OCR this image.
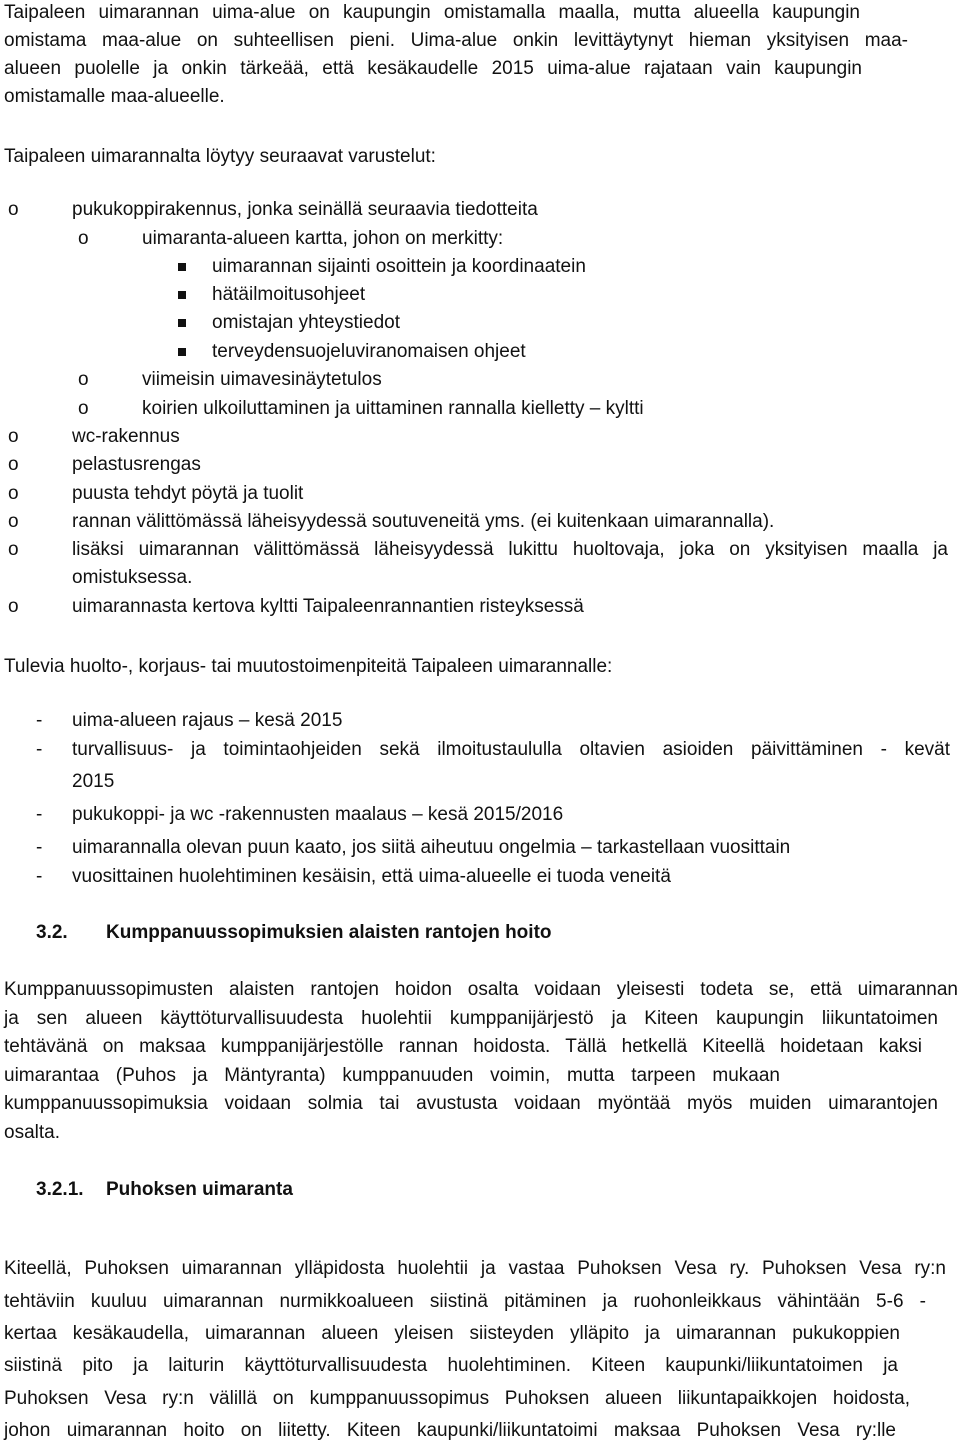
Taipaleen uimarannan uima-alue on kaupungin omistamalla maalla, mutta alueella kaupungin
omistama maa-alue on suhteellisen pieni. Uima-alue onkin levittäytynyt hieman yksityisen maa-
alueen puolelle ja onkin tärkeää, että kesäkaudelle 2015 uima-alue rajataan vain kaupungin
omistamalle maa-alueelle.
Taipaleen uimarannalta löytyy seuraavat varustelut:
o	pukukoppirakennus, jonka seinällä seuraavia tiedotteita
o	uimaranta-alueen kartta, johon on merkitty:
uimarannan sijainti osoittein ja koordinaatein
hätäilmoitusohjeet
omistajan yhteystiedot
terveydensuojeluviranomaisen ohjeet
o	viimeisin uimavesinäytetulos
o	koirien ulkoiluttaminen ja uittaminen rannalla kielletty – kyltti
o	wc-rakennus
o	pelastusrengas
o	puusta tehdyt pöytä ja tuolit
o	rannan välittömässä läheisyydessä soutuveneitä yms. (ei kuitenkaan uimarannalla).
o	lisäksi uimarannan välittömässä läheisyydessä lukittu huoltovaja, joka on yksityisen maalla ja
omistuksessa.
o	uimarannasta kertova kyltti Taipaleenrannantien risteyksessä
Tulevia huolto-, korjaus- tai muutostoimenpiteitä Taipaleen uimarannalle:
- uima-alueen rajaus – kesä 2015
- turvallisuus- ja toimintaohjeiden sekä ilmoitustaululla oltavien asioiden päivittäminen - kevät
2015
- pukukoppi- ja wc -rakennusten maalaus – kesä 2015/2016
- uimarannalla olevan puun kaato, jos siitä aiheutuu ongelmia – tarkastellaan vuosittain
- vuosittainen huolehtiminen kesäisin, että uima-alueelle ei tuoda veneitä
3.2. Kumppanuussopimuksien alaisten rantojen hoito
Kumppanuussopimusten alaisten rantojen hoidon osalta voidaan yleisesti todeta se, että uimarannan
ja sen alueen käyttöturvallisuudesta huolehtii kumppanijärjestö ja Kiteen kaupungin liikuntatoimen
tehtävänä on maksaa kumppanijärjestölle rannan hoidosta. Tällä hetkellä Kiteellä hoidetaan kaksi
uimarantaa (Puhos ja Mäntyranta) kumppanuuden voimin, mutta tarpeen mukaan
kumppanuussopimuksia voidaan solmia tai avustusta voidaan myöntää myös muiden uimarantojen
osalta.
3.2.1. Puhoksen uimaranta
Kiteellä, Puhoksen uimarannan ylläpidosta huolehtii ja vastaa Puhoksen Vesa ry. Puhoksen Vesa ry:n
tehtäviin kuuluu uimarannan nurmikkoalueen siistinä pitäminen ja ruohonleikkaus vähintään 5-6 -
kertaa kesäkaudella, uimarannan alueen yleisen siisteyden ylläpito ja uimarannan pukukoppien
siistinä pito ja laiturin käyttöturvallisuudesta huolehtiminen. Kiteen kaupunki/liikuntatoimen ja
Puhoksen Vesa ry:n välillä on kumppanuussopimus Puhoksen alueen liikuntapaikkojen hoidosta,
johon uimarannan hoito on liitetty. Kiteen kaupunki/liikuntatoimi maksaa Puhoksen Vesa ry:lle
